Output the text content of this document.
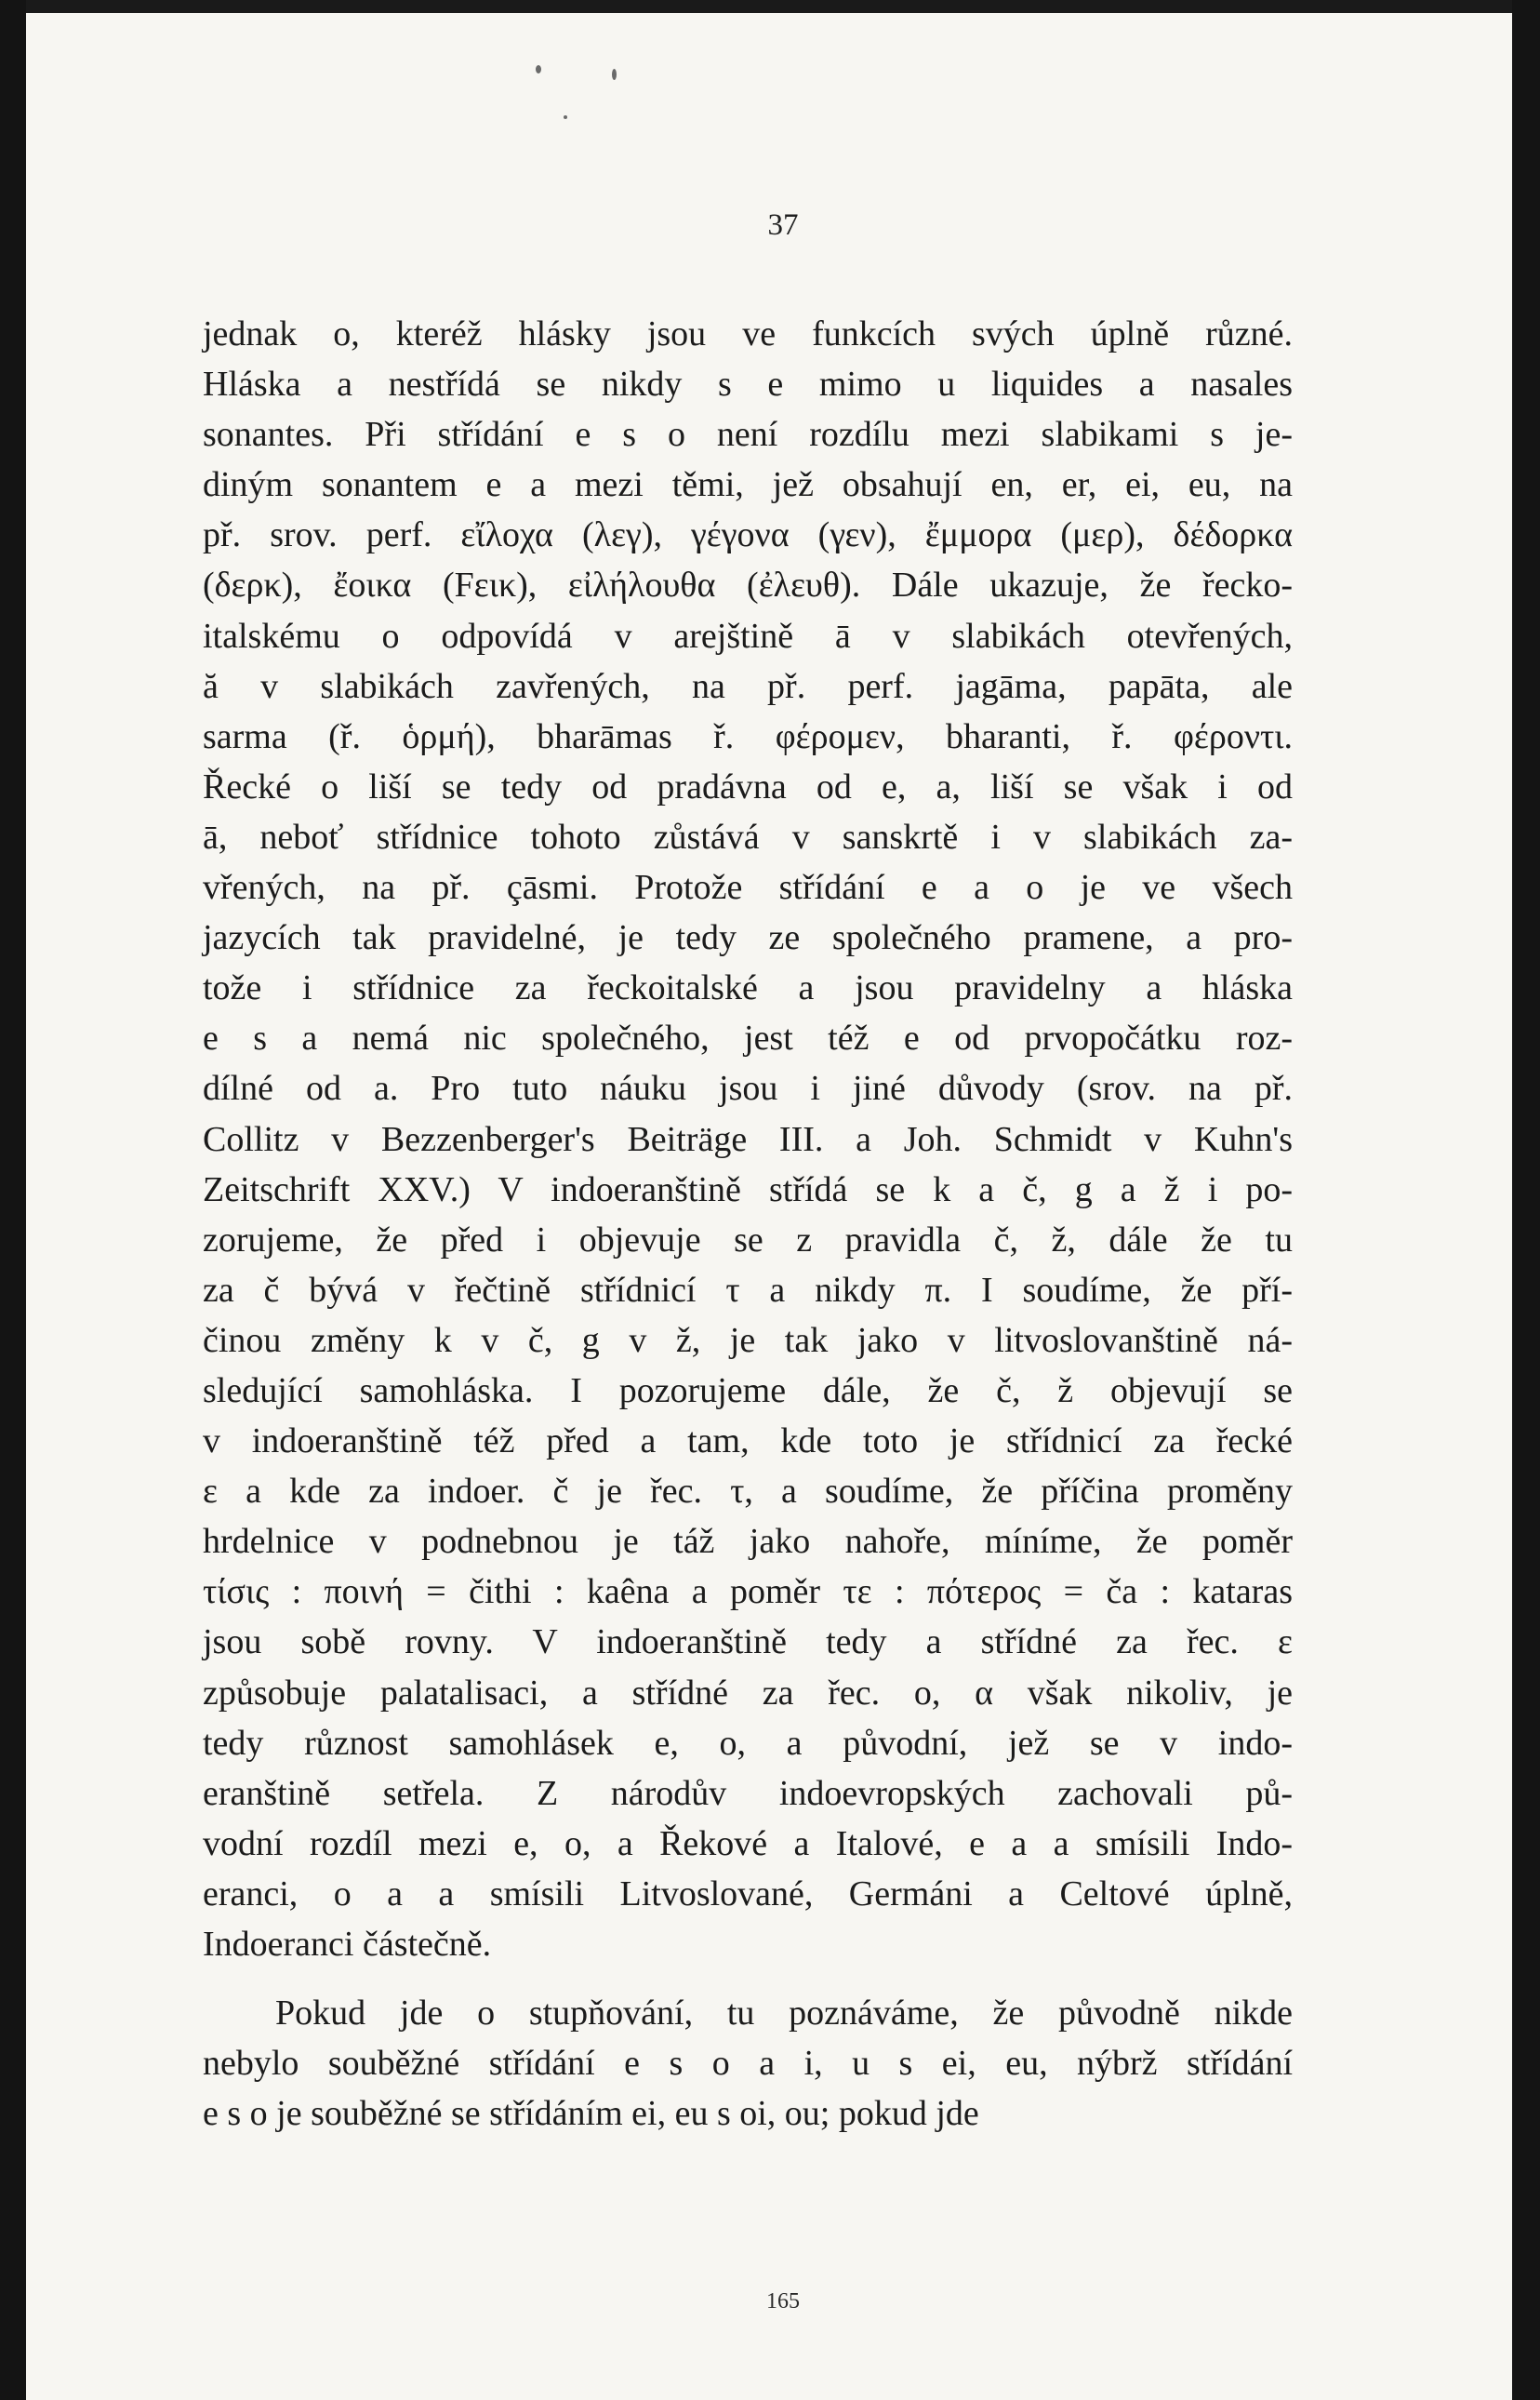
37
jednak o, kteréž hlásky jsou ve funkcích svých úplně různé.
Hláska a nestřídá se nikdy s e mimo u liquides a nasales
sonantes. Při střídání e s o není rozdílu mezi slabikami s je-
diným sonantem e a mezi těmi, jež obsahují en, er, ei, eu, na
př. srov. perf. εἴλοχα (λεγ), γέγονα (γεν), ἔμμορα (μερ), δέδορκα
(δερκ), ἔοικα (Fεικ), εἰλήλουθα (ἐλευθ). Dále ukazuje, že řecko-
italskému o odpovídá v arejštině ā v slabikách otevřených,
ă v slabikách zavřených, na př. perf. jagāma, papāta, ale
sarma (ř. ὁρμή), bharāmas ř. φέρομεν, bharanti, ř. φέροντι.
Řecké o liší se tedy od pradávna od e, a, liší se však i od
ā, neboť střídnice tohoto zůstává v sanskrtě i v slabikách za-
vřených, na př. çāsmi. Protože střídání e a o je ve všech
jazycích tak pravidelné, je tedy ze společného pramene, a pro-
tože i střídnice za řeckoitalské a jsou pravidelny a hláska
e s a nemá nic společného, jest též e od prvopočátku roz-
dílné od a. Pro tuto náuku jsou i jiné důvody (srov. na př.
Collitz v Bezzenberger's Beiträge III. a Joh. Schmidt v Kuhn's
Zeitschrift XXV.) V indoeranštině střídá se k a č, g a ž i po-
zorujeme, že před i objevuje se z pravidla č, ž, dále že tu
za č bývá v řečtině střídnicí τ a nikdy π. I soudíme, že pří-
činou změny k v č, g v ž, je tak jako v litvoslovanštině ná-
sledující samohláska. I pozorujeme dále, že č, ž objevují se
v indoeranštině též před a tam, kde toto je střídnicí za řecké
ε a kde za indoer. č je řec. τ, a soudíme, že příčina proměny
hrdelnice v podnebnou je táž jako nahoře, míníme, že poměr
τίσις : ποινή = čithi : kaêna a poměr τε : πότερος = ča : kataras
jsou sobě rovny. V indoeranštině tedy a střídné za řec. ε
způsobuje palatalisaci, a střídné za řec. o, α však nikoliv, je
tedy různost samohlásek e, o, a původní, jež se v indo-
eranštině setřela. Z národův indoevropských zachovali pů-
vodní rozdíl mezi e, o, a Řekové a Italové, e a a smísili Indo-
eranci, o a a smísili Litvoslované, Germáni a Celtové úplně,
Indoeranci částečně.
Pokud jde o stupňování, tu poznáváme, že původně nikde
nebylo souběžné střídání e s o a i, u s ei, eu, nýbrž střídání
e s o je souběžné se střídáním ei, eu s oi, ou; pokud jde
165
